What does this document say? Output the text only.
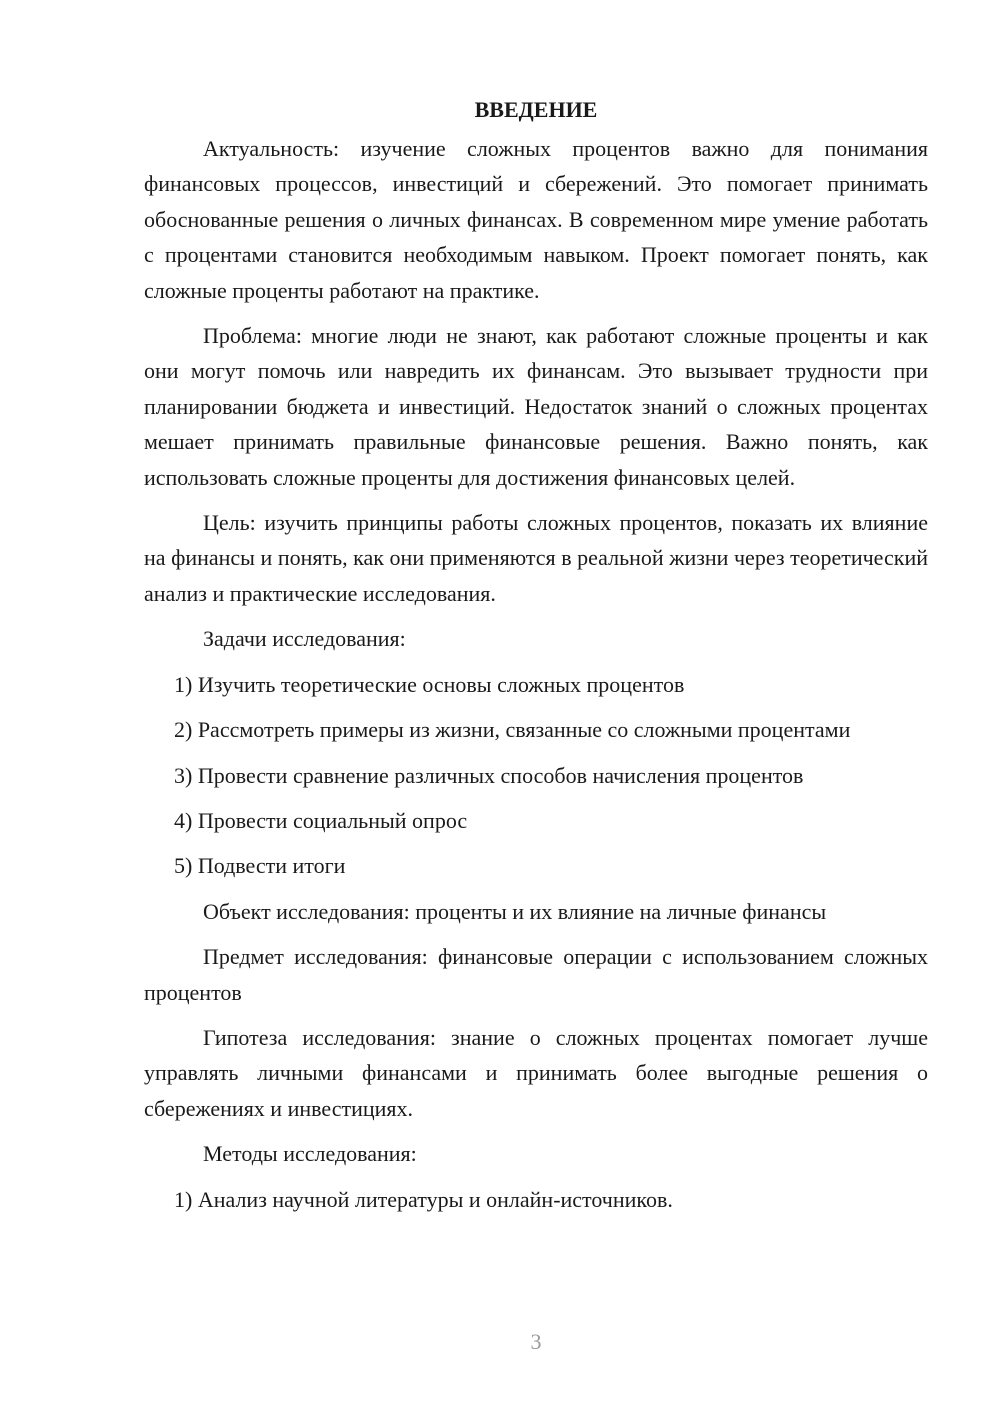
ВВЕДЕНИЕ

Актуальность: изучение сложных процентов важно для понимания финансовых процессов, инвестиций и сбережений. Это помогает принимать обоснованные решения о личных финансах. В современном мире умение работать с процентами становится необходимым навыком. Проект помогает понять, как сложные проценты работают на практике.

Проблема: многие люди не знают, как работают сложные проценты и как они могут помочь или навредить их финансам. Это вызывает трудности при планировании бюджета и инвестиций. Недостаток знаний о сложных процентах мешает принимать правильные финансовые решения. Важно понять, как использовать сложные проценты для достижения финансовых целей.

Цель: изучить принципы работы сложных процентов, показать их влияние на финансы и понять, как они применяются в реальной жизни через теоретический анализ и практические исследования.

Задачи исследования:

1) Изучить теоретические основы сложных процентов

2) Рассмотреть примеры из жизни, связанные со сложными процентами

3) Провести сравнение различных способов начисления процентов

4) Провести социальный опрос

5) Подвести итоги

Объект исследования: проценты и их влияние на личные финансы

Предмет исследования: финансовые операции с использованием сложных процентов

Гипотеза исследования: знание о сложных процентах помогает лучше управлять личными финансами и принимать более выгодные решения о сбережениях и инвестициях.

Методы исследования:

1) Анализ научной литературы и онлайн-источников.

3
